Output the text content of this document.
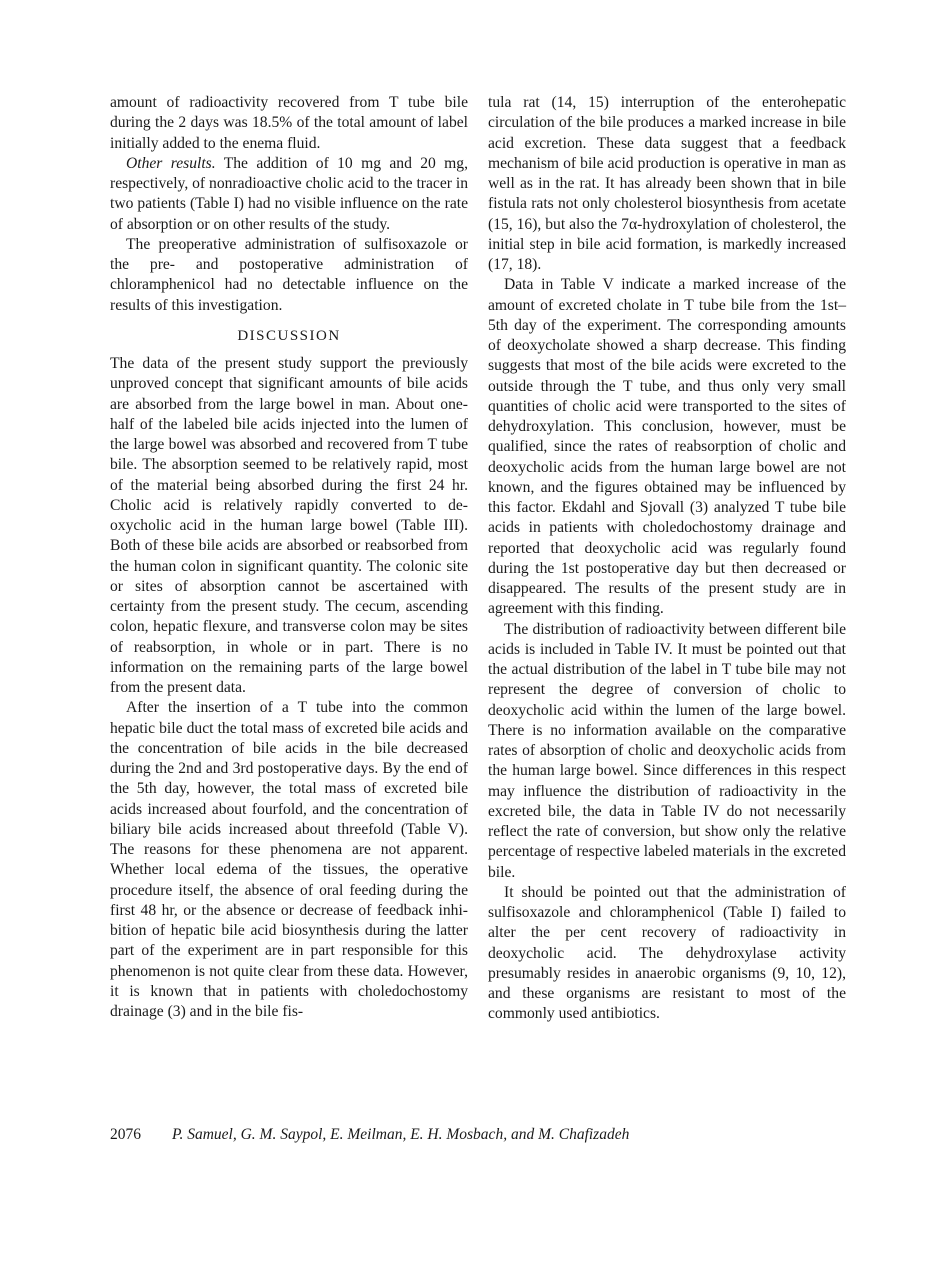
amount of radioactivity recovered from T tube bile during the 2 days was 18.5% of the total amount of label initially added to the enema fluid.

Other results. The addition of 10 mg and 20 mg, respectively, of nonradioactive cholic acid to the tracer in two patients (Table I) had no visible influence on the rate of absorption or on other results of the study.

The preoperative administration of sulfisoxazole or the pre- and postoperative administration of chloramphenicol had no detectable influence on the results of this investigation.

DISCUSSION

The data of the present study support the previously unproved concept that significant amounts of bile acids are absorbed from the large bowel in man. About one-half of the labeled bile acids injected into the lumen of the large bowel was absorbed and recovered from T tube bile. The absorption seemed to be relatively rapid, most of the material being absorbed during the first 24 hr. Cholic acid is relatively rapidly converted to deoxycholic acid in the human large bowel (Table III). Both of these bile acids are absorbed or reabsorbed from the human colon in significant quantity. The colonic site or sites of absorption cannot be ascertained with certainty from the present study. The cecum, ascending colon, hepatic flexure, and transverse colon may be sites of reabsorption, in whole or in part. There is no information on the remaining parts of the large bowel from the present data.

After the insertion of a T tube into the common hepatic bile duct the total mass of excreted bile acids and the concentration of bile acids in the bile decreased during the 2nd and 3rd postoperative days. By the end of the 5th day, however, the total mass of excreted bile acids increased about fourfold, and the concentration of biliary bile acids increased about threefold (Table V). The reasons for these phenomena are not apparent. Whether local edema of the tissues, the operative procedure itself, the absence of oral feeding during the first 48 hr, or the absence or decrease of feedback inhibition of hepatic bile acid biosynthesis during the latter part of the experiment are in part responsible for this phenomenon is not quite clear from these data. However, it is known that in patients with choledochostomy drainage (3) and in the bile fis-

tula rat (14, 15) interruption of the enterohepatic circulation of the bile produces a marked increase in bile acid excretion. These data suggest that a feedback mechanism of bile acid production is operative in man as well as in the rat. It has already been shown that in bile fistula rats not only cholesterol biosynthesis from acetate (15, 16), but also the 7α-hydroxylation of cholesterol, the initial step in bile acid formation, is markedly increased (17, 18).

Data in Table V indicate a marked increase of the amount of excreted cholate in T tube bile from the 1st–5th day of the experiment. The corresponding amounts of deoxycholate showed a sharp decrease. This finding suggests that most of the bile acids were excreted to the outside through the T tube, and thus only very small quantities of cholic acid were transported to the sites of dehydroxylation. This conclusion, however, must be qualified, since the rates of reabsorption of cholic and deoxycholic acids from the human large bowel are not known, and the figures obtained may be influenced by this factor. Ekdahl and Sjovall (3) analyzed T tube bile acids in patients with choledochostomy drainage and reported that deoxycholic acid was regularly found during the 1st postoperative day but then decreased or disappeared. The results of the present study are in agreement with this finding.

The distribution of radioactivity between different bile acids is included in Table IV. It must be pointed out that the actual distribution of the label in T tube bile may not represent the degree of conversion of cholic to deoxycholic acid within the lumen of the large bowel. There is no information available on the comparative rates of absorption of cholic and deoxycholic acids from the human large bowel. Since differences in this respect may influence the distribution of radioactivity in the excreted bile, the data in Table IV do not necessarily reflect the rate of conversion, but show only the relative percentage of respective labeled materials in the excreted bile.

It should be pointed out that the administration of sulfisoxazole and chloramphenicol (Table I) failed to alter the per cent recovery of radioactivity in deoxycholic acid. The dehydroxylase activity presumably resides in anaerobic organisms (9, 10, 12), and these organisms are resistant to most of the commonly used antibiotics.

2076 P. Samuel, G. M. Saypol, E. Meilman, E. H. Mosbach, and M. Chafizadeh
